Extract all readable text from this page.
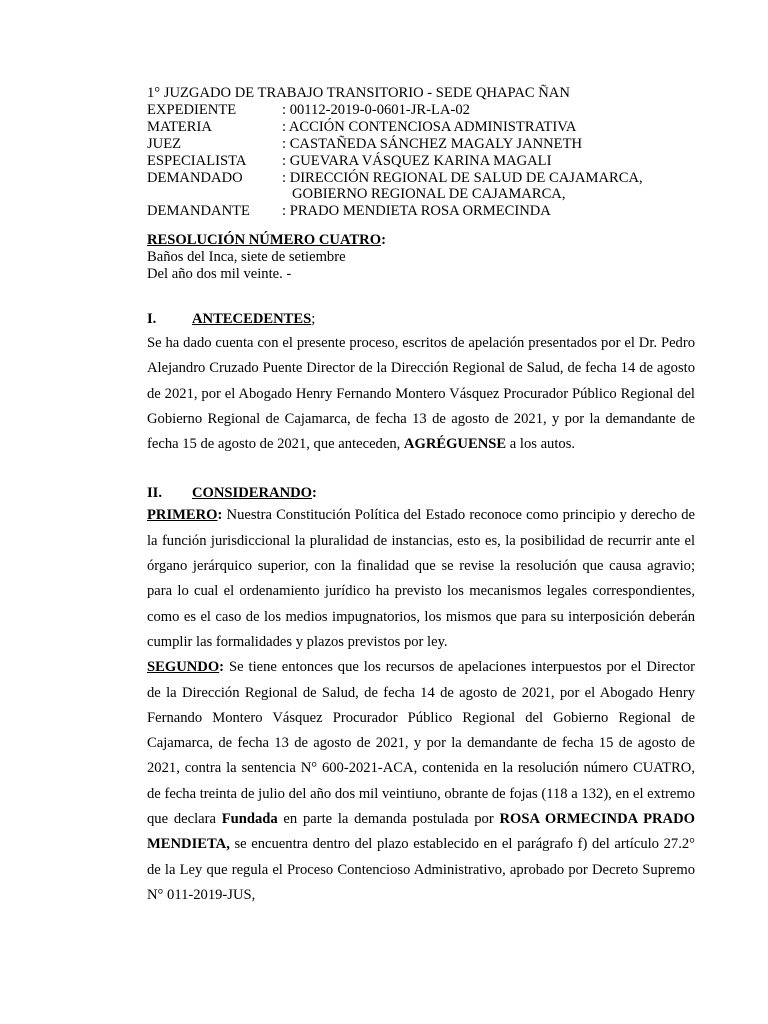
1° JUZGADO DE TRABAJO TRANSITORIO - SEDE QHAPAC ÑAN
EXPEDIENTE	: 00112-2019-0-0601-JR-LA-02
MATERIA	: ACCIÓN CONTENCIOSA ADMINISTRATIVA
JUEZ	: CASTAÑEDA SÁNCHEZ MAGALY JANNETH
ESPECIALISTA	: GUEVARA VÁSQUEZ KARINA MAGALI
DEMANDADO	: DIRECCIÓN REGIONAL DE SALUD DE CAJAMARCA,
GOBIERNO REGIONAL DE CAJAMARCA,
DEMANDANTE	: PRADO MENDIETA ROSA ORMECINDA
RESOLUCIÓN NÚMERO CUATRO:
Baños del Inca, siete de setiembre
Del año dos mil veinte. -
I.	ANTECEDENTES;

Se ha dado cuenta con el presente proceso, escritos de apelación presentados por el Dr. Pedro Alejandro Cruzado Puente Director de la Dirección Regional de Salud, de fecha 14 de agosto de 2021, por el Abogado Henry Fernando Montero Vásquez Procurador Público Regional del Gobierno Regional de Cajamarca, de fecha 13 de agosto de 2021, y por la demandante de fecha 15 de agosto de 2021, que anteceden, AGRÉGUENSE a los autos.

II.	CONSIDERANDO:

PRIMERO: Nuestra Constitución Política del Estado reconoce como principio y derecho de la función jurisdiccional la pluralidad de instancias, esto es, la posibilidad de recurrir ante el órgano jerárquico superior, con la finalidad que se revise la resolución que causa agravio; para lo cual el ordenamiento jurídico ha previsto los mecanismos legales correspondientes, como es el caso de los medios impugnatorios, los mismos que para su interposición deberán cumplir las formalidades y plazos previstos por ley.

SEGUNDO: Se tiene entonces que los recursos de apelaciones interpuestos por el Director de la Dirección Regional de Salud, de fecha 14 de agosto de 2021, por el Abogado Henry Fernando Montero Vásquez Procurador Público Regional del Gobierno Regional de Cajamarca, de fecha 13 de agosto de 2021, y por la demandante de fecha 15 de agosto de 2021, contra la sentencia N° 600-2021-ACA, contenida en la resolución número CUATRO, de fecha treinta de julio del año dos mil veintiuno, obrante de fojas (118 a 132), en el extremo que declara Fundada en parte la demanda postulada por ROSA ORMECINDA PRADO MENDIETA, se encuentra dentro del plazo establecido en el parágrafo f) del artículo 27.2° de la Ley que regula el Proceso Contencioso Administrativo, aprobado por Decreto Supremo N° 011-2019-JUS,
